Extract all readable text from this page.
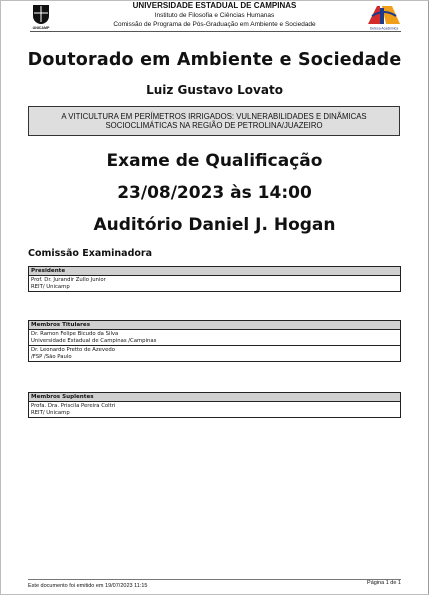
UNICAMP
UNIVERSIDADE ESTADUAL DE CAMPINAS
Instituto de Filosofia e Ciências Humanas
Comissão de Programa de Pós-Graduação em Ambiente e Sociedade
Defesa Acadêmica
Doutorado em Ambiente e Sociedade
Luiz Gustavo Lovato
A VITICULTURA EM PERÍMETROS IRRIGADOS: VULNERABILIDADES E DINÂMICAS SOCIOCLIMÁTICAS NA REGIÃO DE PETROLINA/JUAZEIRO
Exame de Qualificação
23/08/2023 às 14:00
Auditório Daniel J. Hogan
Comissão Examinadora
Presidente
Prof. Dr. Jurandir Zullo Junior
REIT/ Unicamp
Membros Titulares
Dr. Ramon Felipe Bicudo da Silva
Universidade Estadual de Campinas /Campinas
Dr. Leonardo Pretto de Azevedo
/FSP /São Paulo
Membros Suplentes
Profa. Dra. Priscila Pereira Coltri
REIT/ Unicamp
Este documento foi emitido em 19/07/2023 11:15	Página 1 de 1
